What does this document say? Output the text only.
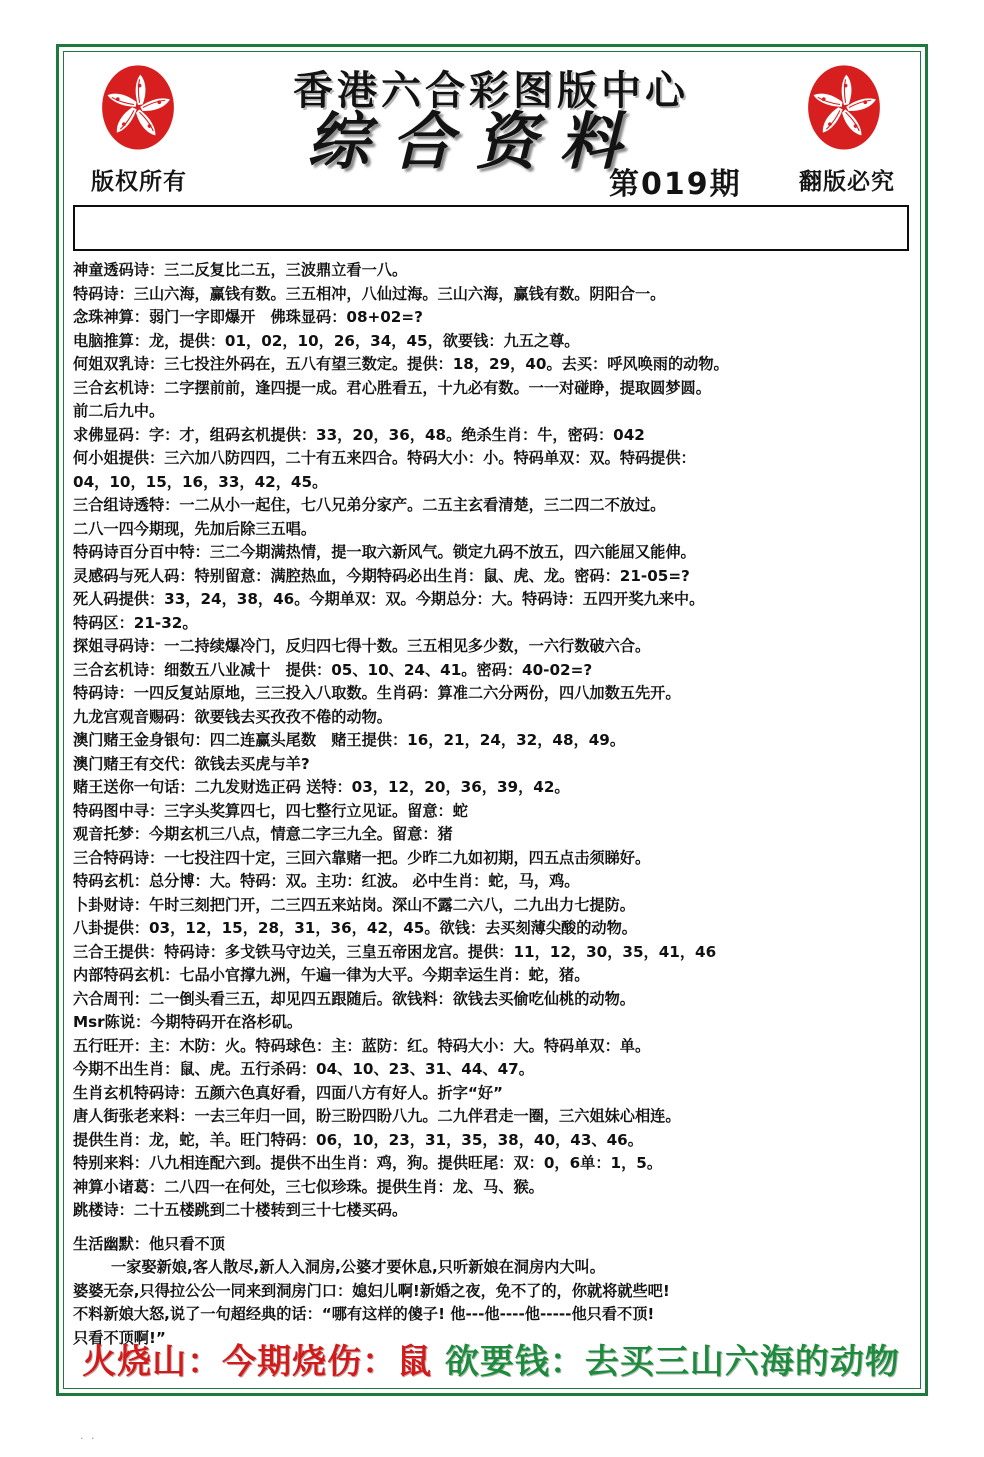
香港六合彩图版中心
综合资料
第019期
版权所有	翻版必究
神童透码诗：三二反复比二五，三波鼎立看一八。
特码诗：三山六海，赢钱有数。三五相冲，八仙过海。三山六海，赢钱有数。阴阳合一。
念珠神算：弱门一字即爆开　佛珠显码：08+02=?
电脑推算：龙，提供：01，02，10，26，34，45，欲要钱：九五之尊。
何姐双乳诗：三七投注外码在，五八有望三数定。提供：18，29，40。去买：呼风唤雨的动物。
三合玄机诗：二字摆前前，逢四提一成。君心胜看五，十九必有数。一一对碰睁，提取圆梦圆。
前二后九中。
求佛显码：字：才，组码玄机提供：33，20，36，48。绝杀生肖：牛，密码：042
何小姐提供：三六加八防四四，二十有五来四合。特码大小：小。特码单双：双。特码提供：
04，10，15，16，33，42，45。
三合组诗透特：一二从小一起住，七八兄弟分家产。二五主玄看清楚，三二四二不放过。
二八一四今期现，先加后除三五唱。
特码诗百分百中特：三二今期满热情，提一取六新风气。锁定九码不放五，四六能屈又能伸。
灵感码与死人码：特别留意：满腔热血，今期特码必出生肖：鼠、虎、龙。密码：21-05=?
死人码提供：33，24，38，46。今期单双：双。今期总分：大。特码诗：五四开奖九来中。
特码区：21-32。
探姐寻码诗：一二持续爆冷门，反归四七得十数。三五相见多少数，一六行数破六合。
三合玄机诗：细数五八业减十　提供：05、10、24、41。密码：40-02=?
特码诗：一四反复站原地，三三投入八取数。生肖码：算准二六分两份，四八加数五先开。
九龙宫观音赐码：欲要钱去买孜孜不倦的动物。
澳门赌王金身银句：四二连赢头尾数　赌王提供：16，21，24，32，48，49。
澳门赌王有交代：欲钱去买虎与羊?
赌王送你一句话：二九发财选正码 送特：03，12，20，36，39，42。
特码图中寻：三字头奖算四七，四七整行立见证。留意：蛇
观音托梦：今期玄机三八点，情意二字三九全。留意：猪
三合特码诗：一七投注四十定，三回六靠赌一把。少昨二九如初期，四五点击须睇好。
特码玄机：总分博：大。特码：双。主功：红波。 必中生肖：蛇，马，鸡。
卜卦财诗：午时三刻把门开，二三四五来站岗。深山不露二六八，二九出力七提防。
八卦提供：03，12，15，28，31，36，42，45。欲钱：去买刻薄尖酸的动物。
三合王提供：特码诗：多戈铁马守边关，三皇五帝困龙宫。提供：11，12，30，35，41，46
内部特码玄机：七品小官撑九洲，午遍一律为大平。今期幸运生肖：蛇，猪。
六合周刊：二一倒头看三五，却见四五跟随后。欲钱料：欲钱去买偷吃仙桃的动物。
Msr陈说：今期特码开在洛杉矶。
五行旺开：主：木防：火。特码球色：主：蓝防：红。特码大小：大。特码单双：单。
今期不出生肖：鼠、虎。五行杀码：04、10、23、31、44、47。
生肖玄机特码诗：五颜六色真好看，四面八方有好人。折字“好”
唐人街张老来料：一去三年归一回，盼三盼四盼八九。二九伴君走一圈，三六姐妹心相连。
提供生肖：龙，蛇，羊。旺门特码：06，10，23，31，35，38，40，43、46。
特别来料：八九相连配六到。提供不出生肖：鸡，狗。提供旺尾：双：0，6单：1，5。
神算小诸葛：二八四一在何处，三七似珍珠。提供生肖：龙、马、猴。
跳楼诗：二十五楼跳到二十楼转到三十七楼买码。
生活幽默：他只看不顶
一家娶新娘,客人散尽,新人入洞房,公婆才要休息,只听新娘在洞房内大叫。
婆婆无奈,只得拉公公一同来到洞房门口：媳妇儿啊!新婚之夜，免不了的，你就将就些吧!
不料新娘大怒,说了一句超经典的话：“哪有这样的傻子! 他---他----他-----他只看不顶!
只看不顶啊!”
火烧山：今期烧伤：鼠 欲要钱：去买三山六海的动物
· ·
